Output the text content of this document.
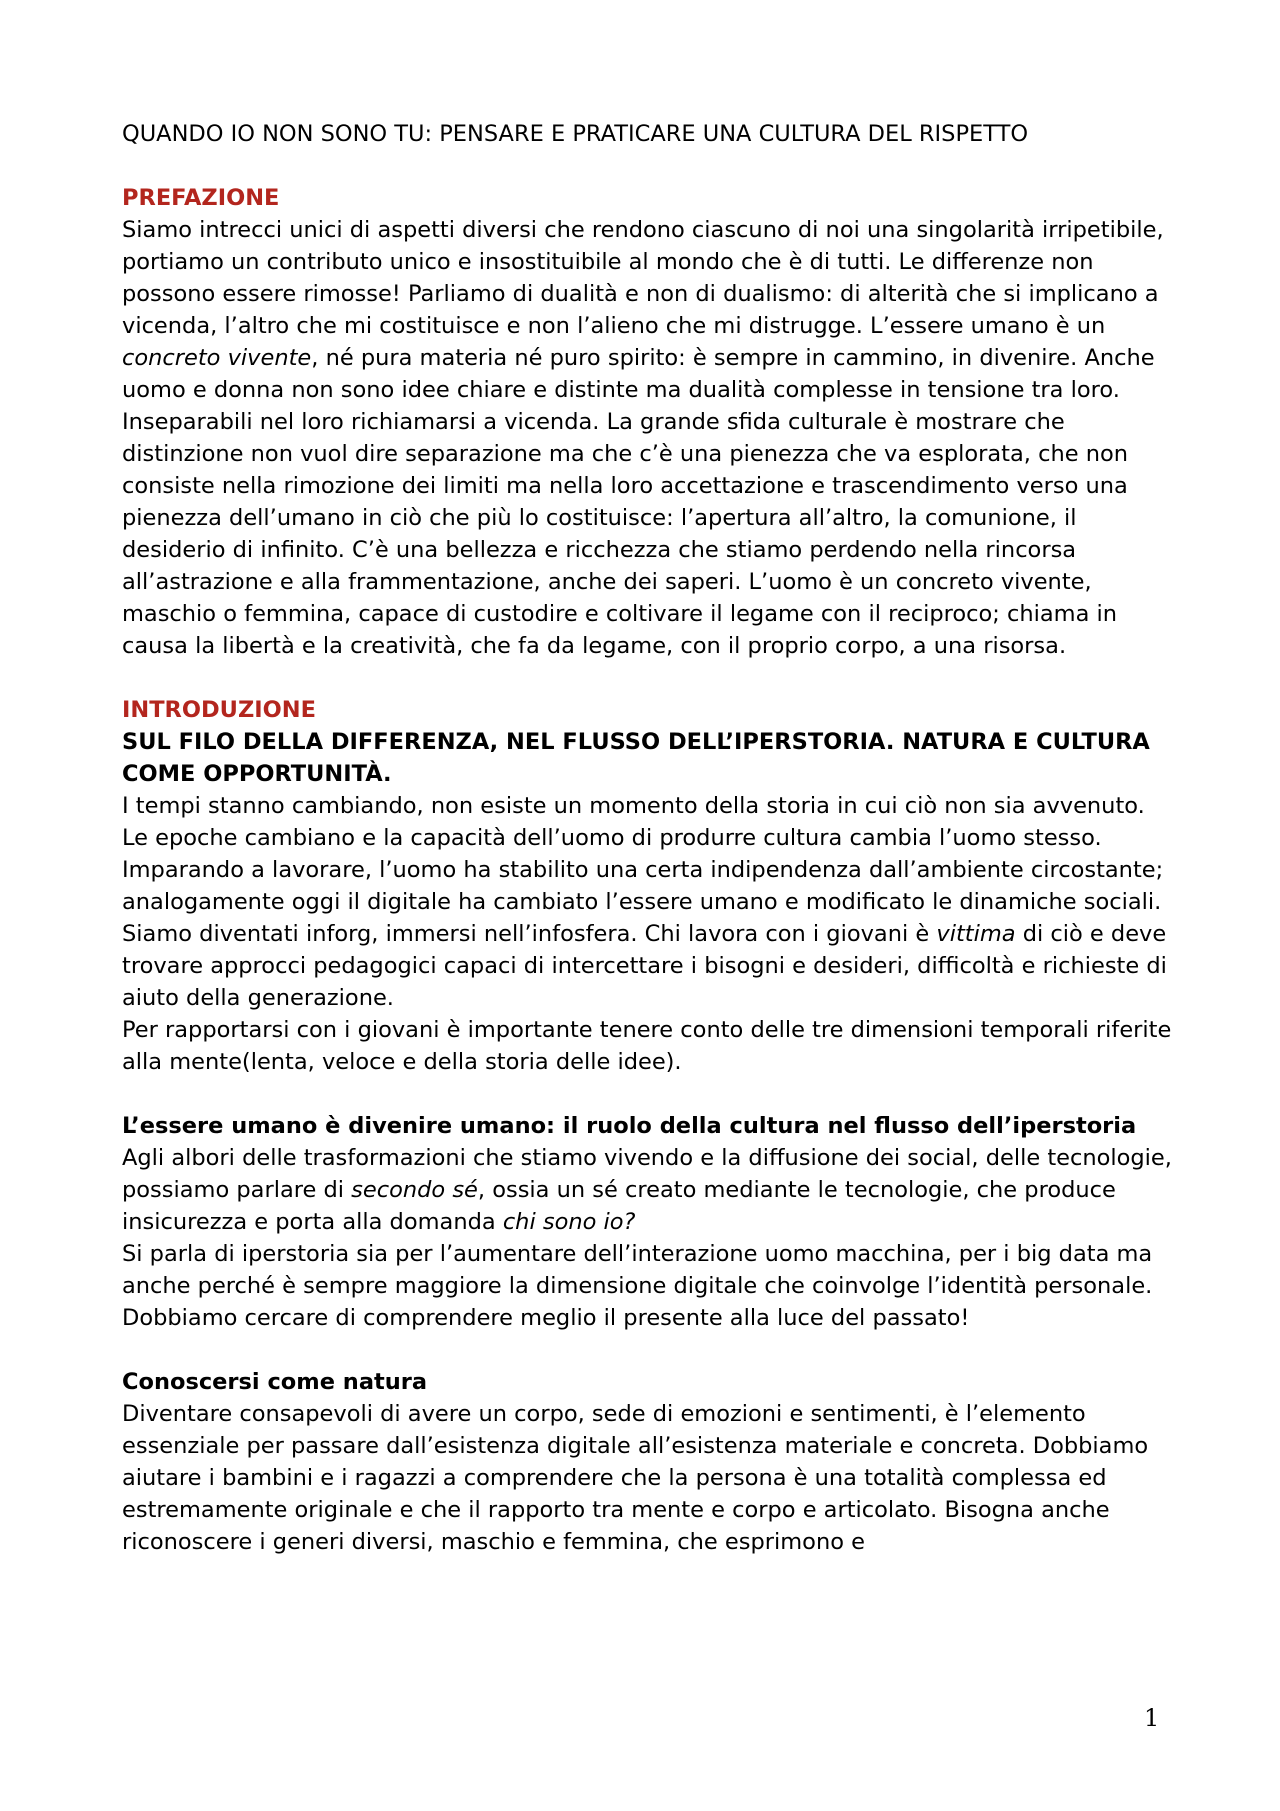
QUANDO IO NON SONO TU: PENSARE E PRATICARE UNA CULTURA DEL RISPETTO
PREFAZIONE

Siamo intrecci unici di aspetti diversi che rendono ciascuno di noi una singolarità irripetibile, portiamo un contributo unico e insostituibile al mondo che è di tutti. Le differenze non possono essere rimosse! Parliamo di dualità e non di dualismo: di alterità che si implicano a vicenda, l’altro che mi costituisce e non l’alieno che mi distrugge. L’essere umano è un concreto vivente, né pura materia né puro spirito: è sempre in cammino, in divenire. Anche uomo e donna non sono idee chiare e distinte ma dualità complesse in tensione tra loro. Inseparabili nel loro richiamarsi a vicenda. La grande sfida culturale è mostrare che distinzione non vuol dire separazione ma che c’è una pienezza che va esplorata, che non consiste nella rimozione dei limiti ma nella loro accettazione e trascendimento verso una pienezza dell’umano in ciò che più lo costituisce: l’apertura all’altro, la comunione, il desiderio di infinito. C’è una bellezza e ricchezza che stiamo perdendo nella rincorsa all’astrazione e alla frammentazione, anche dei saperi. L’uomo è un concreto vivente, maschio o femmina, capace di custodire e coltivare il legame con il reciproco; chiama in causa la libertà e la creatività, che fa da legame, con il proprio corpo, a una risorsa.

INTRODUZIONE
SUL FILO DELLA DIFFERENZA, NEL FLUSSO DELL’IPERSTORIA. NATURA E CULTURA COME OPPORTUNITÀ.

I tempi stanno cambiando, non esiste un momento della storia in cui ciò non sia avvenuto. Le epoche cambiano e la capacità dell’uomo di produrre cultura cambia l’uomo stesso. Imparando a lavorare, l’uomo ha stabilito una certa indipendenza dall’ambiente circostante; analogamente oggi il digitale ha cambiato l’essere umano e modificato le dinamiche sociali. Siamo diventati inforg, immersi nell’infosfera. Chi lavora con i giovani è vittima di ciò e deve trovare approcci pedagogici capaci di intercettare i bisogni e desideri, difficoltà e richieste di aiuto della generazione.

Per rapportarsi con i giovani è importante tenere conto delle tre dimensioni temporali riferite alla mente(lenta, veloce e della storia delle idee).

L’essere umano è divenire umano: il ruolo della cultura nel flusso dell’iperstoria

Agli albori delle trasformazioni che stiamo vivendo e la diffusione dei social, delle tecnologie, possiamo parlare di secondo sé, ossia un sé creato mediante le tecnologie, che produce insicurezza e porta alla domanda chi sono io?

Si parla di iperstoria sia per l’aumentare dell’interazione uomo macchina, per i big data ma anche perché è sempre maggiore la dimensione digitale che coinvolge l’identità personale. Dobbiamo cercare di comprendere meglio il presente alla luce del passato!

Conoscersi come natura

Diventare consapevoli di avere un corpo, sede di emozioni e sentimenti, è l’elemento essenziale per passare dall’esistenza digitale all’esistenza materiale e concreta. Dobbiamo aiutare i bambini e i ragazzi a comprendere che la persona è una totalità complessa ed estremamente originale e che il rapporto tra mente e corpo e articolato. Bisogna anche riconoscere i generi diversi, maschio e femmina, che esprimono e

1
